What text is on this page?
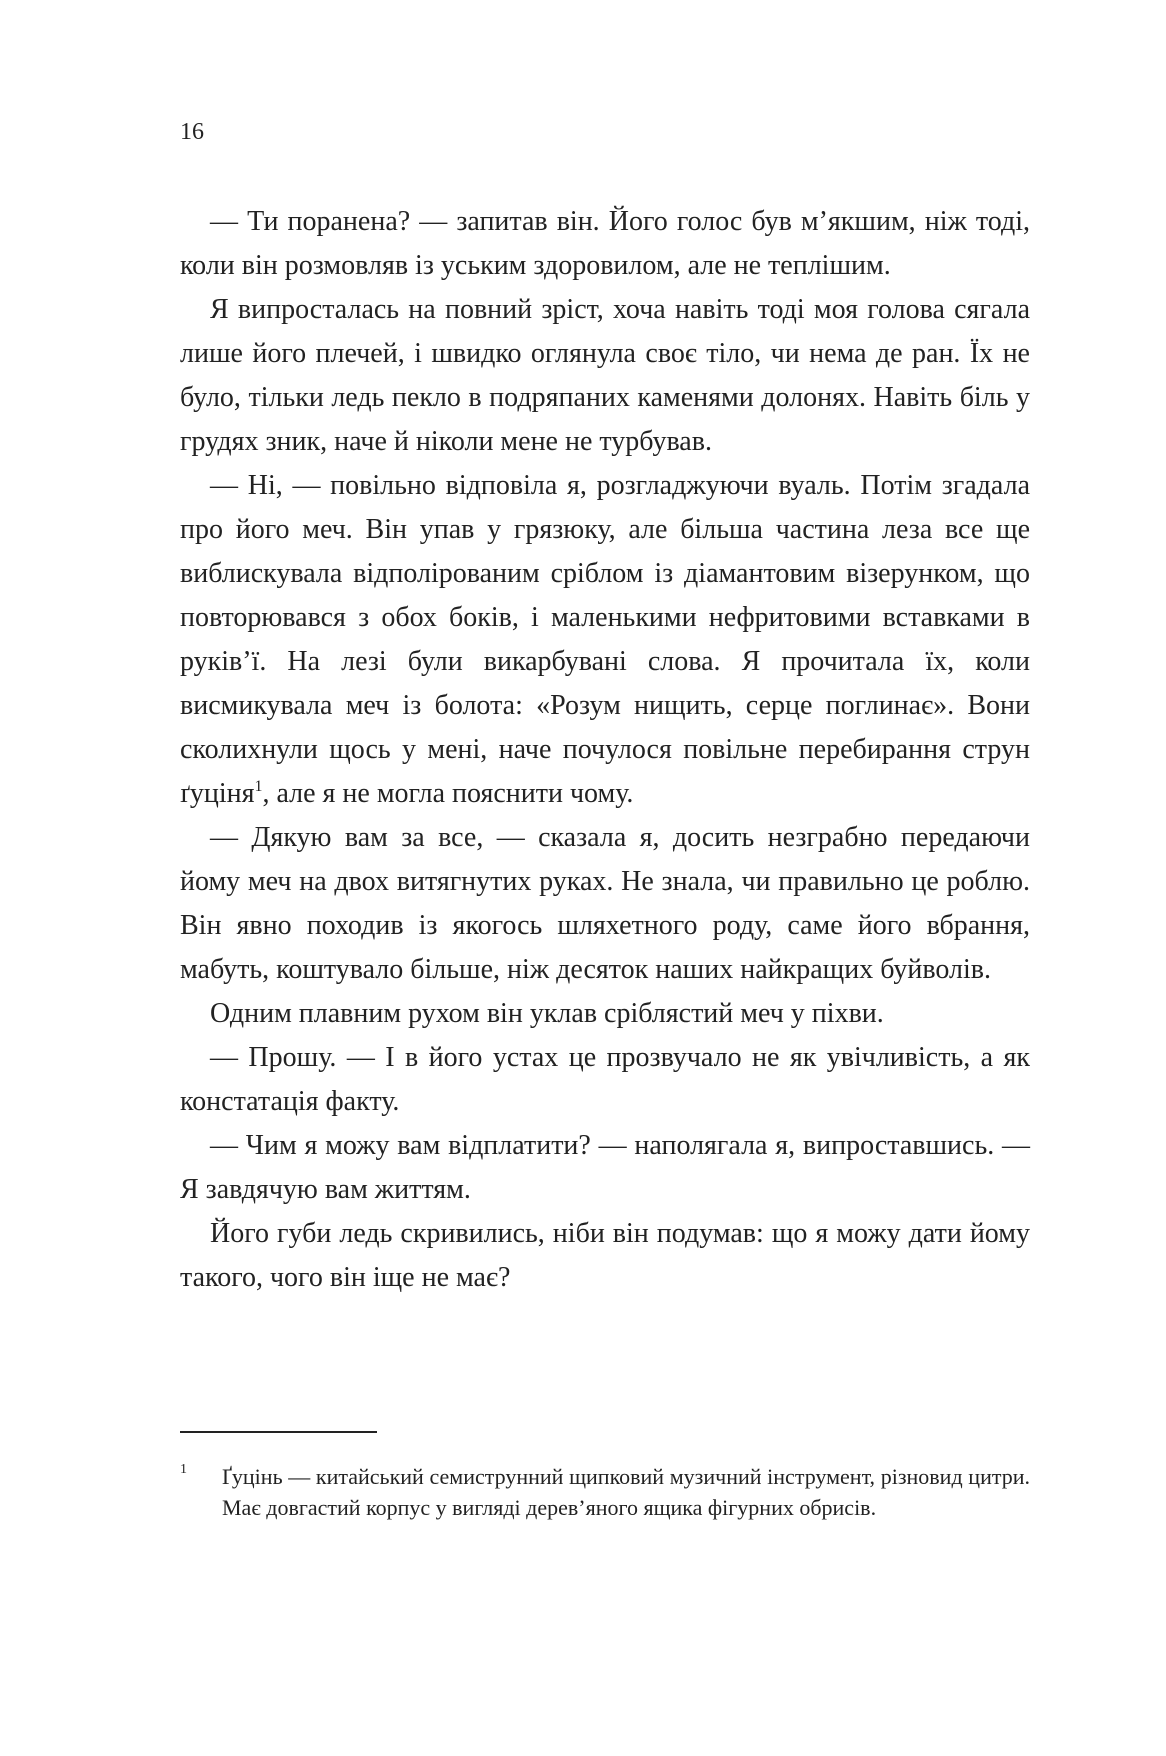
16

— Ти поранена? — запитав він. Його голос був м’якшим, ніж тоді, коли він розмовляв із уським здоровилом, але не теплішим.

Я випросталась на повний зріст, хоча навіть тоді моя голова сягала лише його плечей, і швидко оглянула своє тіло, чи нема де ран. Їх не було, тільки ледь пекло в подряпаних каменями долонях. Навіть біль у грудях зник, наче й ніколи мене не турбував.

— Ні, — повільно відповіла я, розгладжуючи вуаль. Потім згадала про його меч. Він упав у грязюку, але більша частина леза все ще виблискувала відполірованим сріблом із діамантовим візерунком, що повторювався з обох боків, і маленькими нефритовими вставками в руків’ї. На лезі були викарбувані слова. Я прочитала їх, коли висмикувала меч із болота: «Розум нищить, серце поглинає». Вони сколихнули щось у мені, наче почулося повільне перебирання струн ґуціня$^1$, але я не могла пояснити чому.

— Дякую вам за все, — сказала я, досить незграбно передаючи йому меч на двох витягнутих руках. Не знала, чи правильно це роблю. Він явно походив із якогось шляхетного роду, саме його вбрання, мабуть, коштувало більше, ніж десяток наших найкращих буйволів.

Одним плавним рухом він уклав сріблястий меч у піхви.

— Прошу. — І в його устах це прозвучало не як увічливість, а як констатація факту.

— Чим я можу вам відплатити? — наполягала я, випроставшись. — Я завдячую вам життям.

Його губи ледь скривились, ніби він подумав: що я можу дати йому такого, чого він іще не має?

1 Ґуцінь — китайський семиструнний щипковий музичний інструмент, різновид цитри. Має довгастий корпус у вигляді дерев’яного ящика фігурних обрисів.
